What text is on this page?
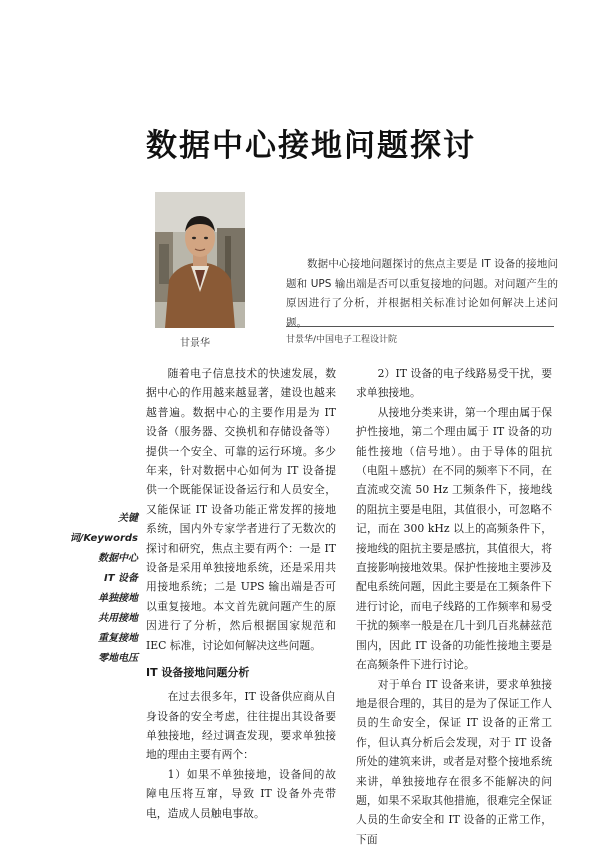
数据中心接地问题探讨
甘景华
数据中心接地问题探讨的焦点主要是 IT 设备的接地问题和 UPS 输出端是否可以重复接地的问题。对问题产生的原因进行了分析，并根据相关标准讨论如何解决上述问题。
甘景华/中国电子工程设计院
关键词/Keywords
数据中心
IT 设备
单独接地
共用接地
重复接地
零地电压

随着电子信息技术的快速发展，数据中心的作用越来越显著，建设也越来越普遍。数据中心的主要作用是为 IT 设备（服务器、交换机和存储设备等）提供一个安全、可靠的运行环境。多少年来，针对数据中心如何为 IT 设备提供一个既能保证设备运行和人员安全，又能保证 IT 设备功能正常发挥的接地系统，国内外专家学者进行了无数次的探讨和研究，焦点主要有两个：一是 IT 设备是采用单独接地系统，还是采用共用接地系统；二是 UPS 输出端是否可以重复接地。本文首先就问题产生的原因进行了分析，然后根据国家规范和 IEC 标准，讨论如何解决这些问题。

IT 设备接地问题分析

在过去很多年，IT 设备供应商从自身设备的安全考虑，往往提出其设备要单独接地，经过调查发现，要求单独接地的理由主要有两个：

1）如果不单独接地，设备间的故障电压将互窜，导致 IT 设备外壳带电，造成人员触电事故。

2）IT 设备的电子线路易受干扰，要求单独接地。

从接地分类来讲，第一个理由属于保护性接地，第二个理由属于 IT 设备的功能性接地（信号地）。由于导体的阻抗（电阻＋感抗）在不同的频率下不同，在直流或交流 50 Hz 工频条件下，接地线的阻抗主要是电阻，其值很小，可忽略不记，而在 300 kHz 以上的高频条件下，接地线的阻抗主要是感抗，其值很大，将直接影响接地效果。保护性接地主要涉及配电系统问题，因此主要是在工频条件下进行讨论，而电子线路的工作频率和易受干扰的频率一般是在几十到几百兆赫兹范围内，因此 IT 设备的功能性接地主要是在高频条件下进行讨论。

对于单台 IT 设备来讲，要求单独接地是很合理的，其目的是为了保证工作人员的生命安全，保证 IT 设备的正常工作，但认真分析后会发现，对于 IT 设备所处的建筑来讲，或者是对整个接地系统来讲，单独接地存在很多不能解决的问题，如果不采取其他措施，很难完全保证人员的生命安全和 IT 设备的正常工作，下面
